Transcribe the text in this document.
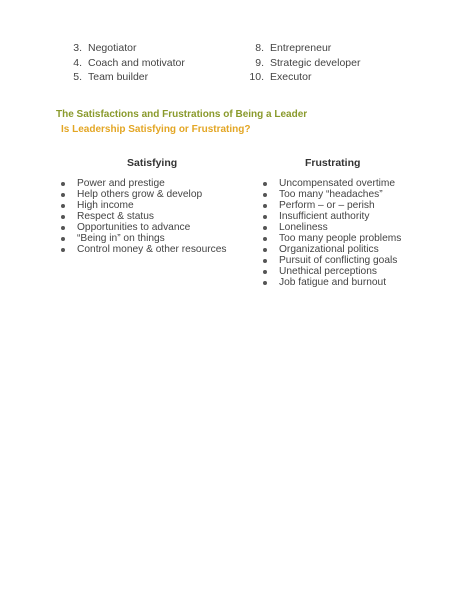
3. Negotiator
4. Coach and motivator
5. Team builder
8. Entrepreneur
9. Strategic developer
10. Executor
The Satisfactions and Frustrations of Being a Leader
Is Leadership Satisfying or Frustrating?
Satisfying	Frustrating
Power and prestige
Help others grow & develop
High income
Respect & status
Opportunities to advance
“Being in” on things
Control money & other resources
Uncompensated overtime
Too many “headaches”
Perform – or – perish
Insufficient authority
Loneliness
Too many people problems
Organizational politics
Pursuit of conflicting goals
Unethical perceptions
Job fatigue and burnout
